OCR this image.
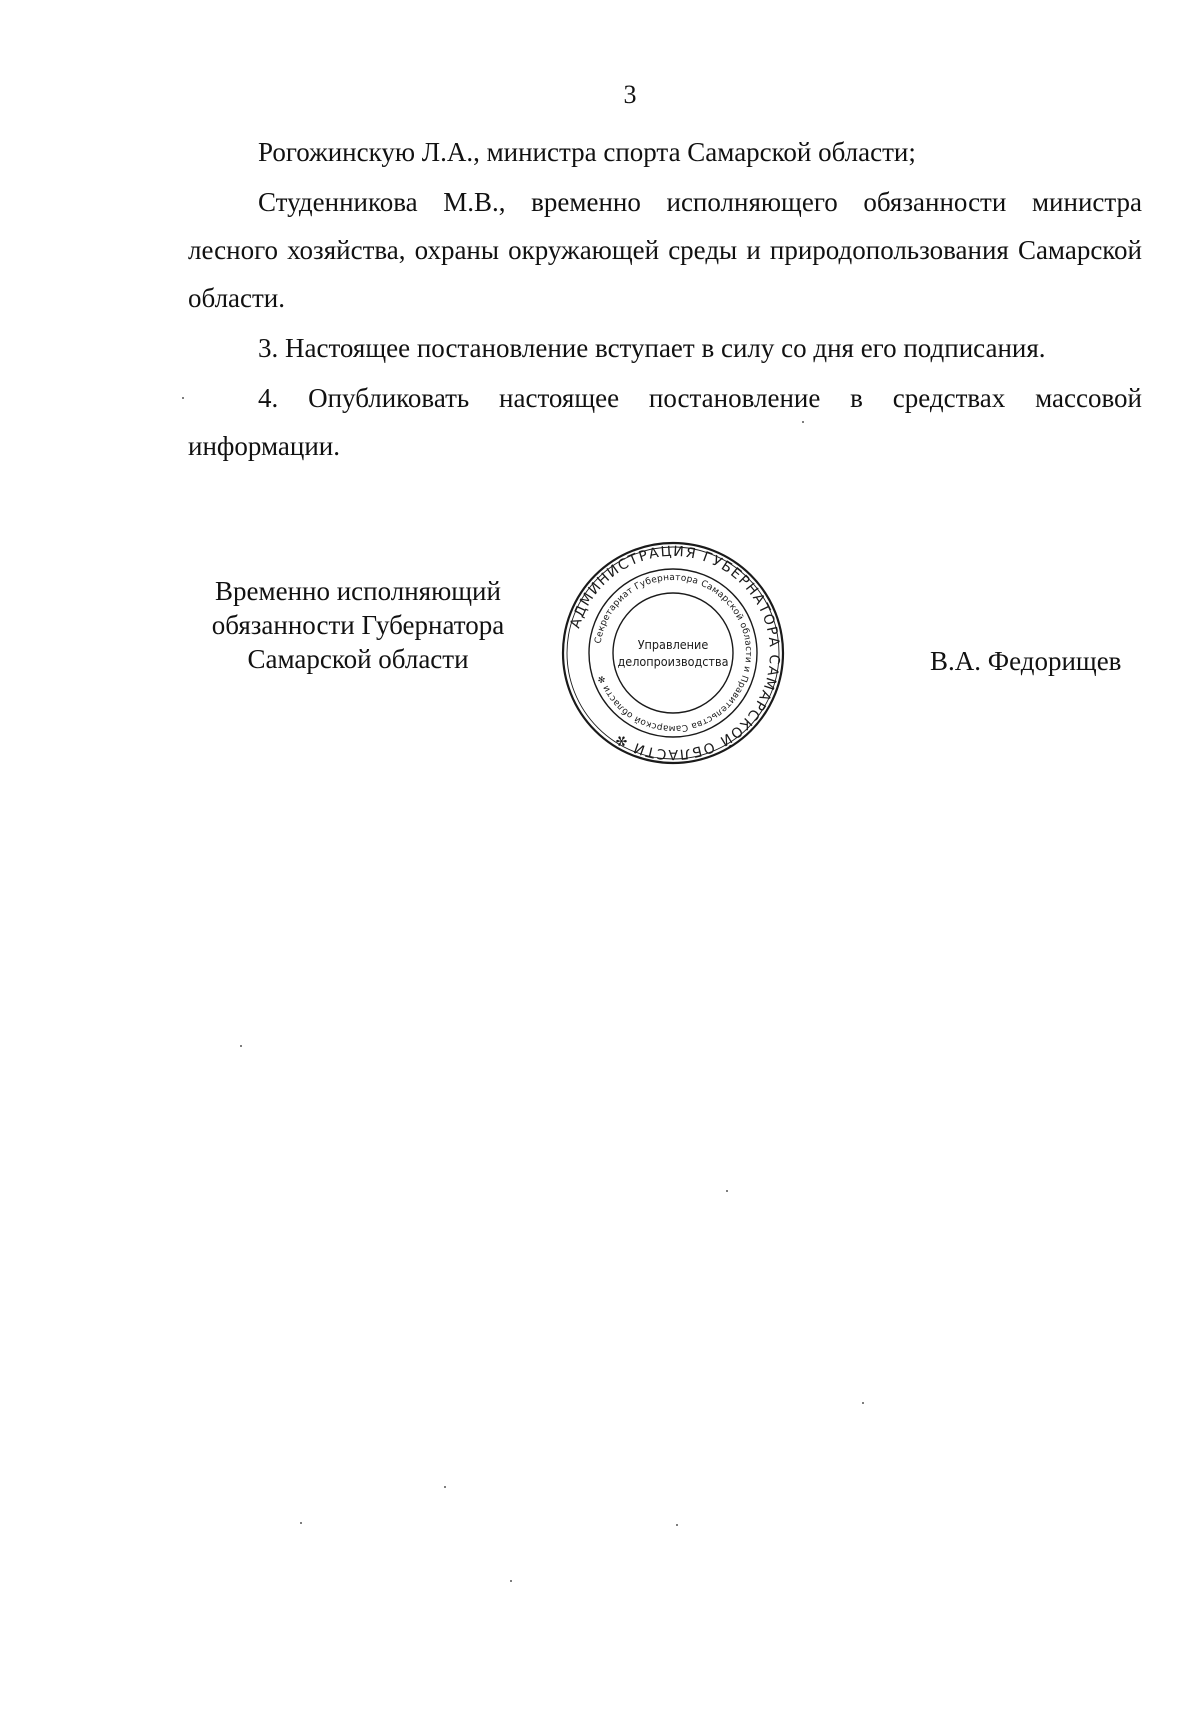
3

Рогожинскую Л.А., министра спорта Самарской области;

Студенникова М.В., временно исполняющего обязанности министра лесного хозяйства, охраны окружающей среды и природопользования Самарской области.

3. Настоящее постановление вступает в силу со дня его подписания.

4. Опубликовать настоящее постановление в средствах массовой информации.

Временно исполняющий
обязанности Губернатора
Самарской области
АДМИНИСТРАЦИЯ ГУБЕРНАТОРА САМАРСКОЙ ОБЛАСТИ ✻
Секретариат Губернатора Самарской области и Правительства Самарской области ✻
Управление
делопроизводства	В.А. Федорищев
